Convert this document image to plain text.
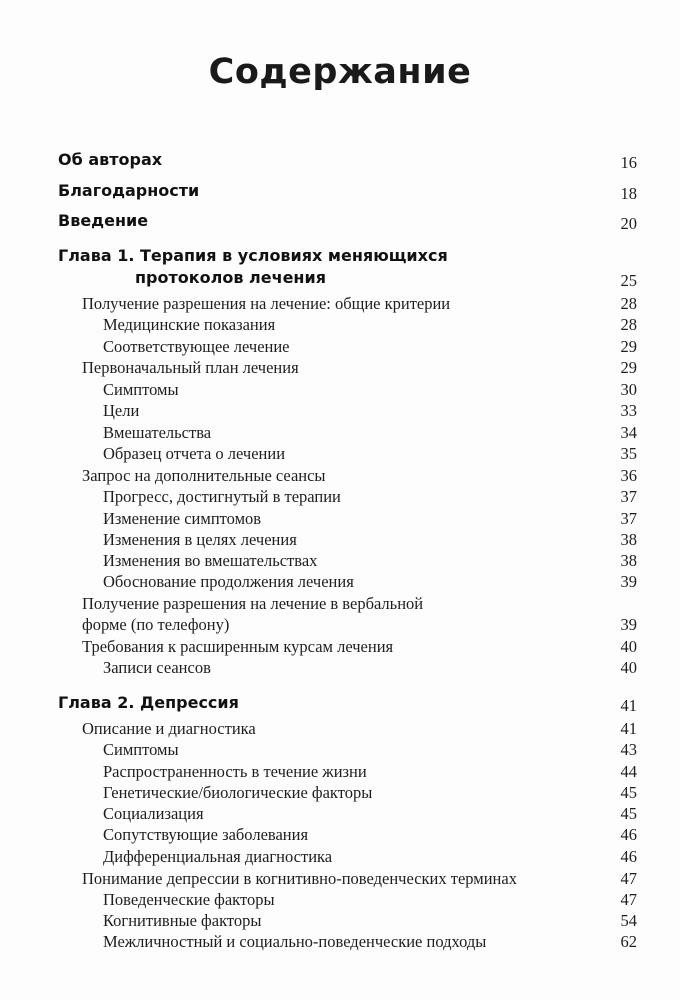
Содержание
Об авторах	16
Благодарности	18
Введение	20
Глава 1. Терапия в условиях меняющихся
протоколов лечения	25
Получение разрешения на лечение: общие критерии	28
Медицинские показания	28
Соответствующее лечение	29
Первоначальный план лечения	29
Симптомы	30
Цели	33
Вмешательства	34
Образец отчета о лечении	35
Запрос на дополнительные сеансы	36
Прогресс, достигнутый в терапии	37
Изменение симптомов	37
Изменения в целях лечения	38
Изменения во вмешательствах	38
Обоснование продолжения лечения	39
Получение разрешения на лечение в вербальной
форме (по телефону)	39
Требования к расширенным курсам лечения	40
Записи сеансов	40
Глава 2. Депрессия	41
Описание и диагностика	41
Симптомы	43
Распространенность в течение жизни	44
Генетические/биологические факторы	45
Социализация	45
Сопутствующие заболевания	46
Дифференциальная диагностика	46
Понимание депрессии в когнитивно-поведенческих терминах	47
Поведенческие факторы	47
Когнитивные факторы	54
Межличностный и социально-поведенческие подходы	62
